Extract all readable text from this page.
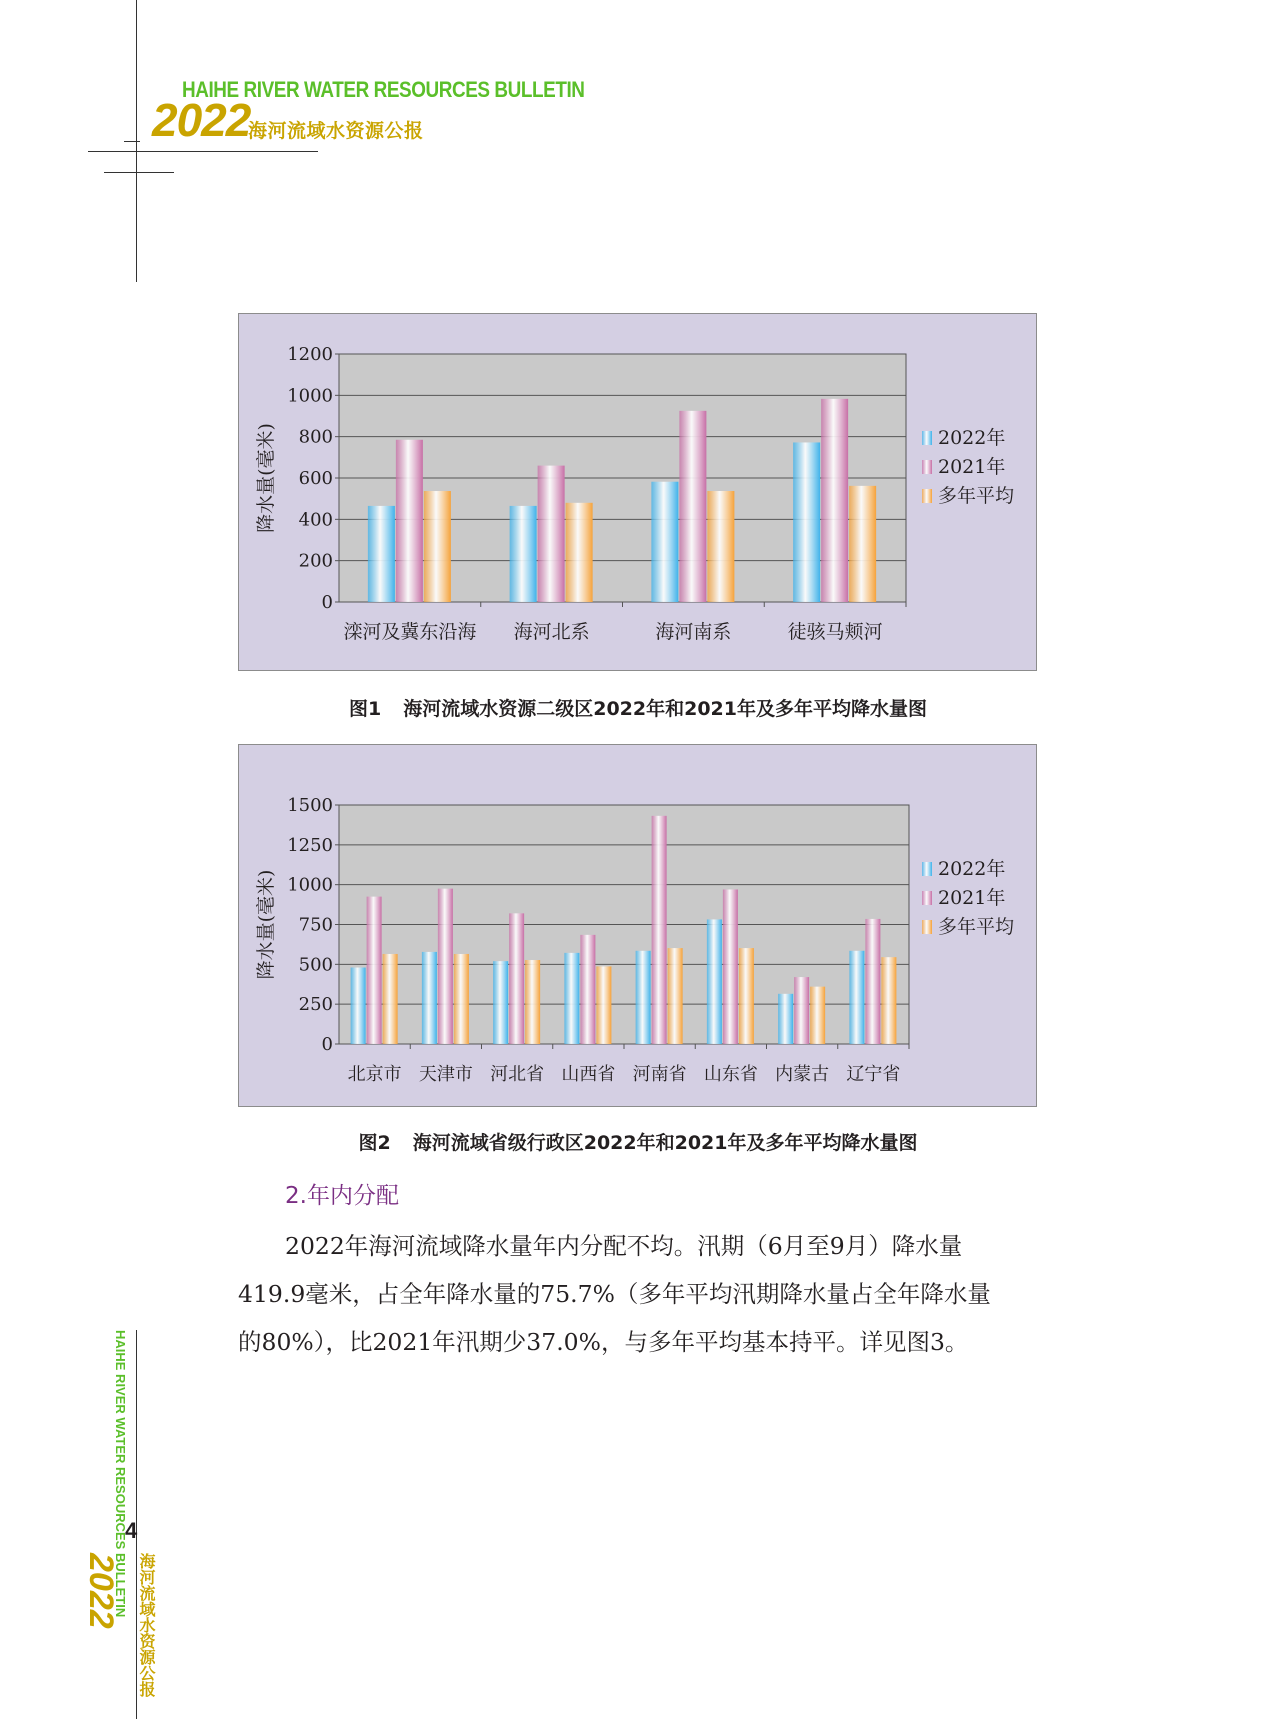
HAIHE RIVER WATER RESOURCES BULLETIN
2022
海河流域水资源公报
0
200
400
600
800
1000
1200
滦河及冀东沿海 海河北系	海河南系	徒骇马颊河
降水量(毫米)	2022年
2021年
多年平均
图1 海河流域水资源二级区2022年和2021年及多年平均降水量图
0
250
500
750
1000
1250
1500
北京市 天津市 河北省 山西省 河南省 山东省 内蒙古 辽宁省
降水量(毫米)
2022年
2021年
多年平均
图2 海河流域省级行政区2022年和2021年及多年平均降水量图
2.年内分配

2022年海河流域降水量年内分配不均。汛期（6月至9月）降水量

419.9毫米，占全年降水量的75.7%（多年平均汛期降水量占全年降水量

的80%），比2021年汛期少37.0%，与多年平均基本持平。详见图3。

HAIHE RIVER WATER RESOURCES BULLETIN
4
2022 海河流域水资源公报
